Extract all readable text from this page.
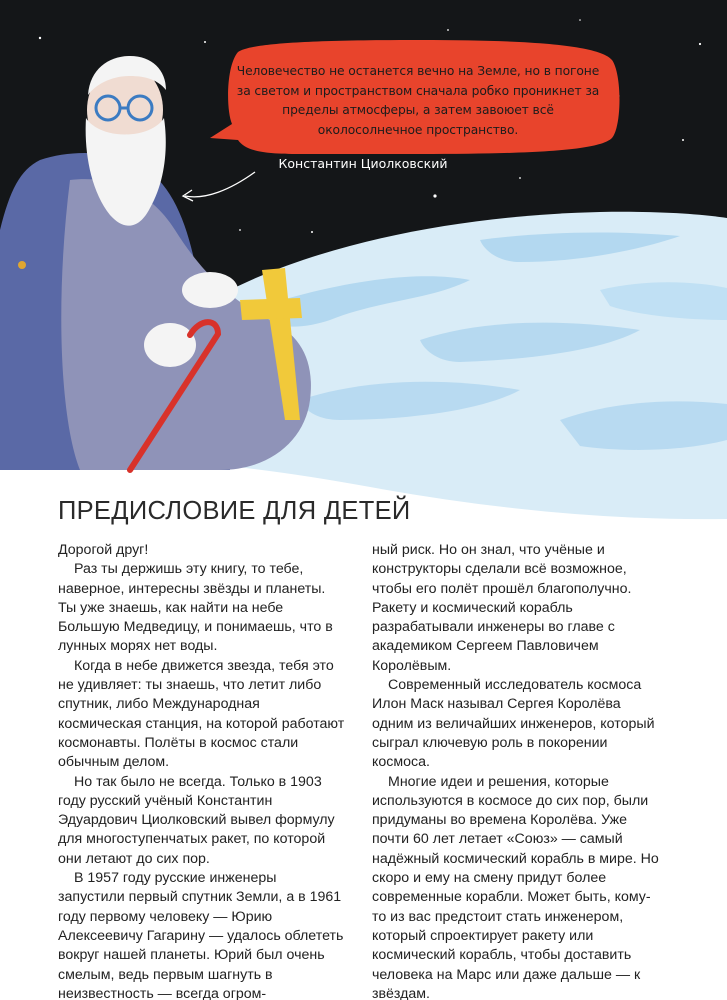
Человечество не останется вечно на Земле, но в погоне за светом и пространством сначала робко проникнет за пределы атмосферы, а затем завоюет всё околосолнечное пространство.
Константин Циолковский
ПРЕДИСЛОВИЕ ДЛЯ ДЕТЕЙ

Дорогой друг!

Раз ты держишь эту книгу, то тебе, наверное, интересны звёзды и планеты. Ты уже знаешь, как найти на небе Большую Медведицу, и понимаешь, что в лунных морях нет воды.

Когда в небе движется звезда, тебя это не удивляет: ты знаешь, что летит либо спутник, либо Международная космическая станция, на которой работают космонавты. Полёты в космос стали обычным делом.

Но так было не всегда. Только в 1903 году русский учёный Константин Эдуардович Циолковский вывел формулу для многоступенчатых ракет, по которой они летают до сих пор.

В 1957 году русские инженеры запустили первый спутник Земли, а в 1961 году первому человеку — Юрию Алексеевичу Гагарину — удалось облететь вокруг нашей планеты. Юрий был очень смелым, ведь первым шагнуть в неизвестность — всегда огром-

ный риск. Но он знал, что учёные и конструкторы сделали всё возможное, чтобы его полёт прошёл благополучно. Ракету и космический корабль разрабатывали инженеры во главе с академиком Сергеем Павловичем Королёвым.

Современный исследователь космоса Илон Маск называл Сергея Королёва одним из величайших инженеров, который сыграл ключевую роль в покорении космоса.

Многие идеи и решения, которые используются в космосе до сих пор, были придуманы во времена Королёва. Уже почти 60 лет летает «Союз» — самый надёжный космический корабль в мире. Но скоро и ему на смену придут более современные корабли. Может быть, кому-то из вас предстоит стать инженером, который спроектирует ракету или космический корабль, чтобы доставить человека на Марс или даже дальше — к звёздам.
